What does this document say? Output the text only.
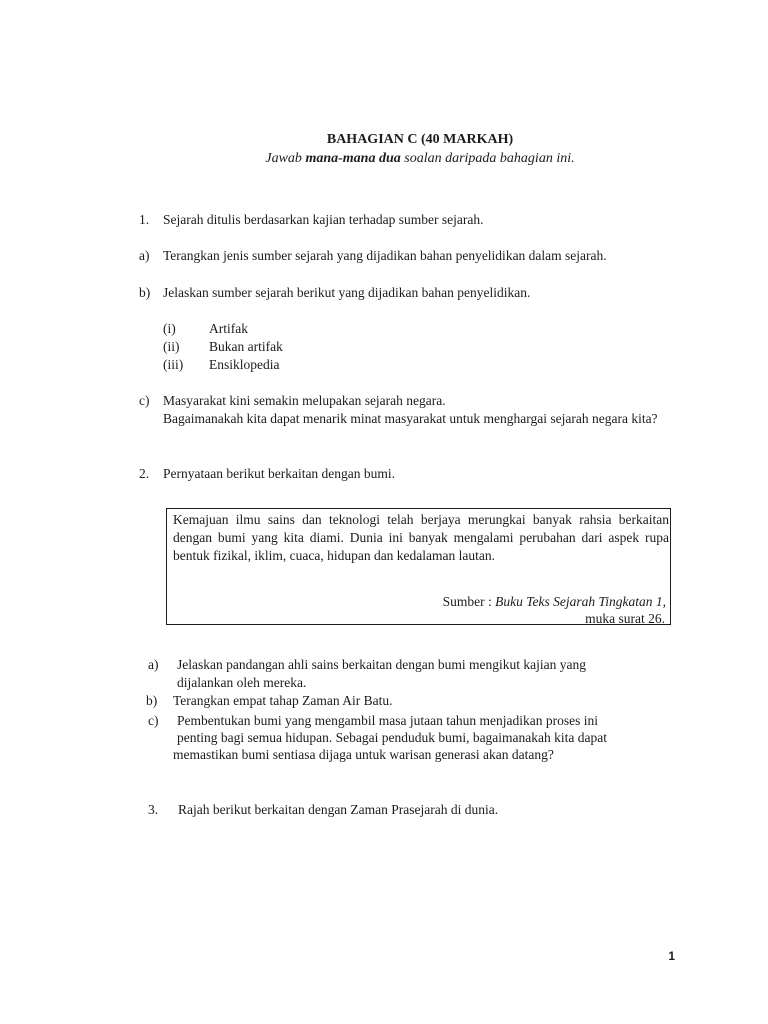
BAHAGIAN C (40 MARKAH)
Jawab mana-mana dua soalan daripada bahagian ini.
1.	Sejarah ditulis berdasarkan kajian terhadap sumber sejarah.
a)	Terangkan jenis sumber sejarah yang dijadikan bahan penyelidikan dalam sejarah.
b) Jelaskan sumber sejarah berikut yang dijadikan bahan penyelidikan.
(i) Artifak
(ii) Bukan artifak
(iii) Ensiklopedia
c)	Masyarakat kini semakin melupakan sejarah negara.
Bagaimanakah kita dapat menarik minat masyarakat untuk menghargai sejarah negara kita?
2.	Pernyataan berikut berkaitan dengan bumi.
Kemajuan ilmu sains dan teknologi telah berjaya merungkai banyak rahsia berkaitan dengan bumi yang kita diami. Dunia ini banyak mengalami perubahan dari aspek rupa bentuk fizikal, iklim, cuaca, hidupan dan kedalaman lautan.
Sumber : Buku Teks Sejarah Tingkatan 1,
muka surat 26.
a)	Jelaskan pandangan ahli sains berkaitan dengan bumi mengikut kajian yang
dijalankan oleh mereka.
b)	Terangkan empat tahap Zaman Air Batu.
c)	Pembentukan bumi yang mengambil masa jutaan tahun menjadikan proses ini
penting bagi semua hidupan. Sebagai penduduk bumi, bagaimanakah kita dapat
memastikan bumi sentiasa dijaga untuk warisan generasi akan datang?
3.	Rajah berikut berkaitan dengan Zaman Prasejarah di dunia.
1
